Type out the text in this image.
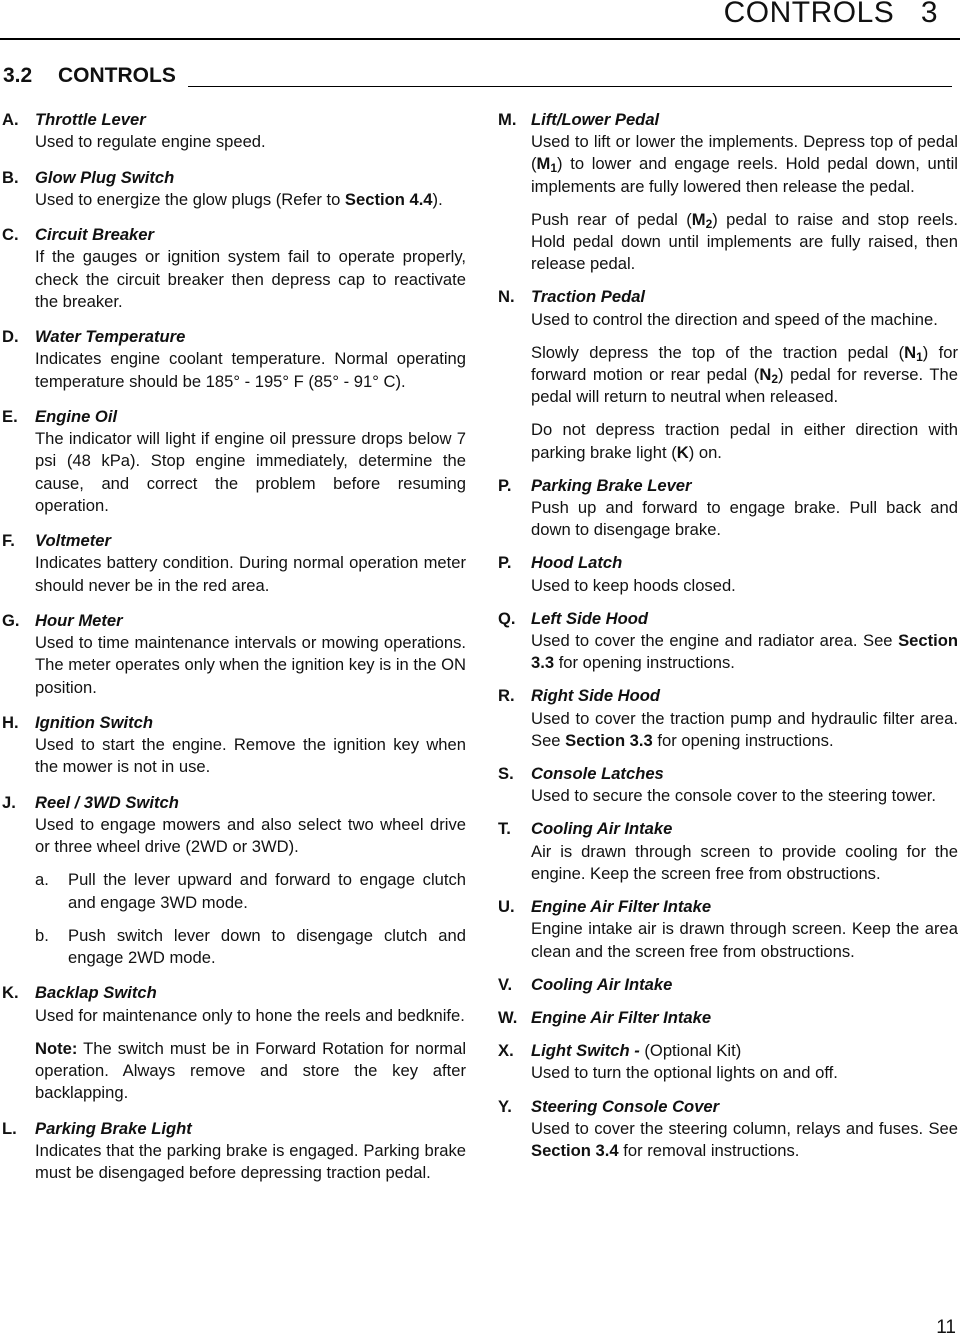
CONTROLS 3
3.2 CONTROLS
A. Throttle Lever
Used to regulate engine speed.
B. Glow Plug Switch
Used to energize the glow plugs (Refer to Section 4.4).
C. Circuit Breaker
If the gauges or ignition system fail to operate properly, check the circuit breaker then depress cap to reactivate the breaker.
D. Water Temperature
Indicates engine coolant temperature. Normal operating temperature should be 185° - 195° F (85° - 91° C).
E. Engine Oil
The indicator will light if engine oil pressure drops below 7 psi (48 kPa). Stop engine immediately, determine the cause, and correct the problem before resuming operation.
F. Voltmeter
Indicates battery condition. During normal operation meter should never be in the red area.
G. Hour Meter
Used to time maintenance intervals or mowing operations. The meter operates only when the ignition key is in the ON position.
H. Ignition Switch
Used to start the engine. Remove the ignition key when the mower is not in use.
J. Reel / 3WD Switch
Used to engage mowers and also select two wheel drive or three wheel drive (2WD or 3WD).
a. Pull the lever upward and forward to engage clutch and engage 3WD mode.
b. Push switch lever down to disengage clutch and engage 2WD mode.
K. Backlap Switch
Used for maintenance only to hone the reels and bedknife.
Note: The switch must be in Forward Rotation for normal operation. Always remove and store the key after backlapping.
L. Parking Brake Light
Indicates that the parking brake is engaged. Parking brake must be disengaged before depressing traction pedal.
M. Lift/Lower Pedal
Used to lift or lower the implements. Depress top of pedal $(M_1)$ to lower and engage reels. Hold pedal down, until implements are fully lowered then release the pedal.
Push rear of pedal $(M_2)$ pedal to raise and stop reels. Hold pedal down until implements are fully raised, then release pedal.
N. Traction Pedal
Used to control the direction and speed of the machine.
Slowly depress the top of the traction pedal $(N_1)$ for forward motion or rear pedal $(N_2)$ pedal for reverse. The pedal will return to neutral when released.
Do not depress traction pedal in either direction with parking brake light (K) on.
P. Parking Brake Lever
Push up and forward to engage brake. Pull back and down to disengage brake.
P. Hood Latch
Used to keep hoods closed.
Q. Left Side Hood
Used to cover the engine and radiator area. See Section 3.3 for opening instructions.
R. Right Side Hood
Used to cover the traction pump and hydraulic filter area. See Section 3.3 for opening instructions.
S. Console Latches
Used to secure the console cover to the steering tower.
T. Cooling Air Intake
Air is drawn through screen to provide cooling for the engine. Keep the screen free from obstructions.
U. Engine Air Filter Intake
Engine intake air is drawn through screen. Keep the area clean and the screen free from obstructions.
V. Cooling Air Intake
W. Engine Air Filter Intake
X. Light Switch - (Optional Kit)
Used to turn the optional lights on and off.
Y. Steering Console Cover
Used to cover the steering column, relays and fuses. See Section 3.4 for removal instructions.
11
